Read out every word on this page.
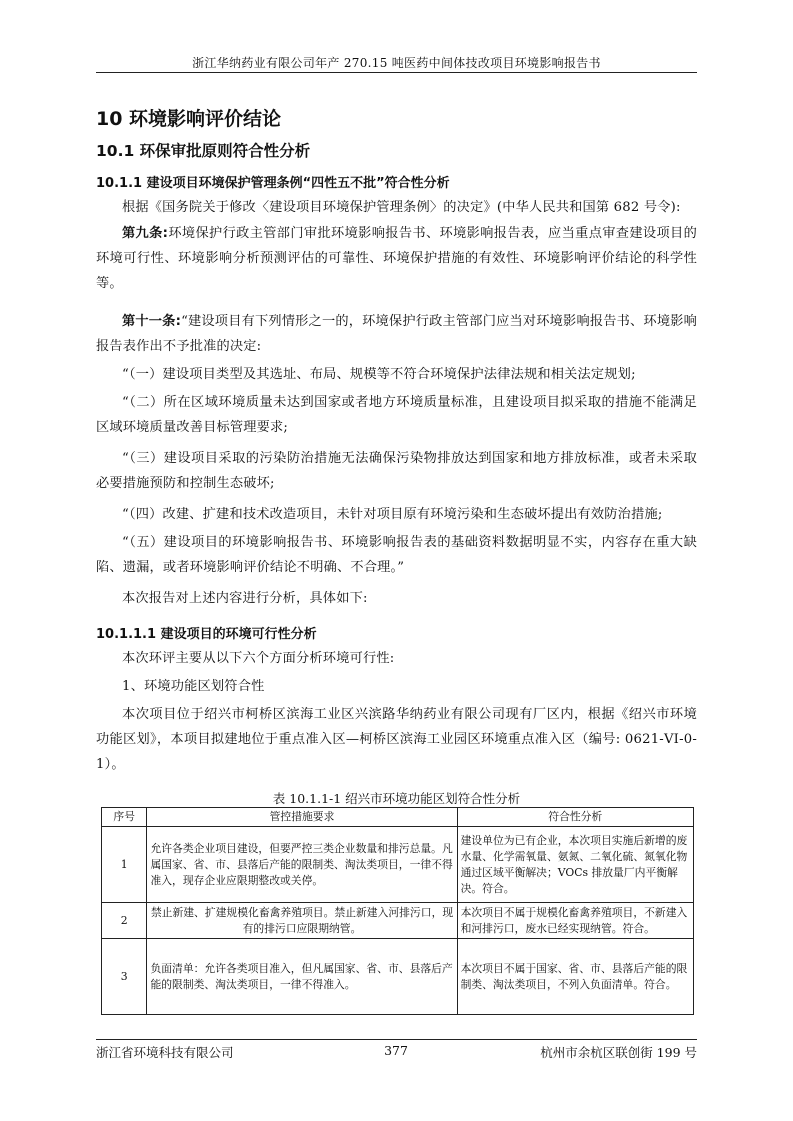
浙江华纳药业有限公司年产 270.15 吨医药中间体技改项目环境影响报告书
10 环境影响评价结论
10.1 环保审批原则符合性分析
10.1.1 建设项目环境保护管理条例“四性五不批”符合性分析
根据《国务院关于修改〈建设项目环境保护管理条例〉的决定》(中华人民共和国第 682 号令):
第九条:环境保护行政主管部门审批环境影响报告书、环境影响报告表，应当重点审查建设项目的环境可行性、环境影响分析预测评估的可靠性、环境保护措施的有效性、环境影响评价结论的科学性等。
第十一条:“建设项目有下列情形之一的，环境保护行政主管部门应当对环境影响报告书、环境影响报告表作出不予批准的决定:
“（一）建设项目类型及其选址、布局、规模等不符合环境保护法律法规和相关法定规划;
“（二）所在区域环境质量未达到国家或者地方环境质量标准，且建设项目拟采取的措施不能满足区域环境质量改善目标管理要求;
“（三）建设项目采取的污染防治措施无法确保污染物排放达到国家和地方排放标准，或者未采取必要措施预防和控制生态破坏;
“（四）改建、扩建和技术改造项目，未针对项目原有环境污染和生态破坏提出有效防治措施;
“（五）建设项目的环境影响报告书、环境影响报告表的基础资料数据明显不实，内容存在重大缺陷、遗漏，或者环境影响评价结论不明确、不合理。”
本次报告对上述内容进行分析，具体如下:
10.1.1.1 建设项目的环境可行性分析
本次环评主要从以下六个方面分析环境可行性:
1、环境功能区划符合性
本次项目位于绍兴市柯桥区滨海工业区兴滨路华纳药业有限公司现有厂区内，根据《绍兴市环境功能区划》，本项目拟建地位于重点准入区—柯桥区滨海工业园区环境重点准入区（编号: 0621-VI-0-1）。
表 10.1.1-1 绍兴市环境功能区划符合性分析
序号	管控措施要求	符合性分析
1	允许各类企业项目建设，但要严控三类企业数量和排污总量。凡属国家、省、市、县落后产能的限制类、淘汰类项目，一律不得准入，现存企业应限期整改或关停。	建设单位为已有企业，本次项目实施后新增的废水量、化学需氧量、氨氮、二氧化硫、氮氧化物通过区域平衡解决；VOCs 排放量厂内平衡解决。符合。
2	禁止新建、扩建规模化畜禽养殖项目。禁止新建入河排污口，现有的排污口应限期纳管。	本次项目不属于规模化畜禽养殖项目，不新建入和河排污口，废水已经实现纳管。符合。
3	负面清单：允许各类项目准入，但凡属国家、省、市、县落后产能的限制类、淘汰类项目，一律不得准入。	本次项目不属于国家、省、市、县落后产能的限制类、淘汰类项目，不列入负面清单。符合。
浙江省环境科技有限公司	377	杭州市余杭区联创街 199 号
